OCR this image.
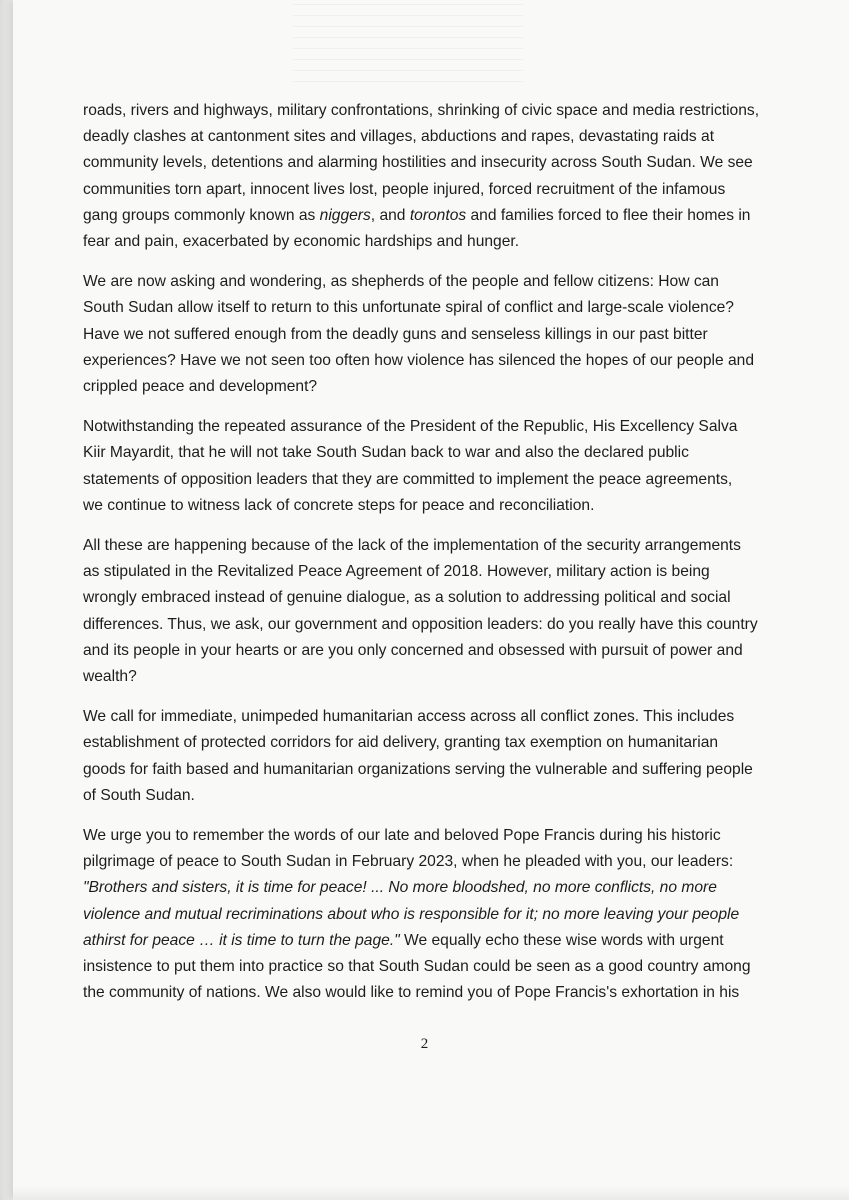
roads, rivers and highways, military confrontations, shrinking of civic space and media restrictions,
deadly clashes at cantonment sites and villages, abductions and rapes, devastating raids at
community levels, detentions and alarming hostilities and insecurity across South Sudan. We see
communities torn apart, innocent lives lost, people injured, forced recruitment of the infamous
gang groups commonly known as niggers, and torontos and families forced to flee their homes in
fear and pain, exacerbated by economic hardships and hunger.

We are now asking and wondering, as shepherds of the people and fellow citizens: How can
South Sudan allow itself to return to this unfortunate spiral of conflict and large-scale violence?
Have we not suffered enough from the deadly guns and senseless killings in our past bitter
experiences? Have we not seen too often how violence has silenced the hopes of our people and
crippled peace and development?

Notwithstanding the repeated assurance of the President of the Republic, His Excellency Salva
Kiir Mayardit, that he will not take South Sudan back to war and also the declared public
statements of opposition leaders that they are committed to implement the peace agreements,
we continue to witness lack of concrete steps for peace and reconciliation.

All these are happening because of the lack of the implementation of the security arrangements
as stipulated in the Revitalized Peace Agreement of 2018. However, military action is being
wrongly embraced instead of genuine dialogue, as a solution to addressing political and social
differences. Thus, we ask, our government and opposition leaders: do you really have this country
and its people in your hearts or are you only concerned and obsessed with pursuit of power and
wealth?

We call for immediate, unimpeded humanitarian access across all conflict zones. This includes
establishment of protected corridors for aid delivery, granting tax exemption on humanitarian
goods for faith based and humanitarian organizations serving the vulnerable and suffering people
of South Sudan.

We urge you to remember the words of our late and beloved Pope Francis during his historic
pilgrimage of peace to South Sudan in February 2023, when he pleaded with you, our leaders:
"Brothers and sisters, it is time for peace! ... No more bloodshed, no more conflicts, no more
violence and mutual recriminations about who is responsible for it; no more leaving your people
athirst for peace … it is time to turn the page." We equally echo these wise words with urgent
insistence to put them into practice so that South Sudan could be seen as a good country among
the community of nations. We also would like to remind you of Pope Francis's exhortation in his

2
